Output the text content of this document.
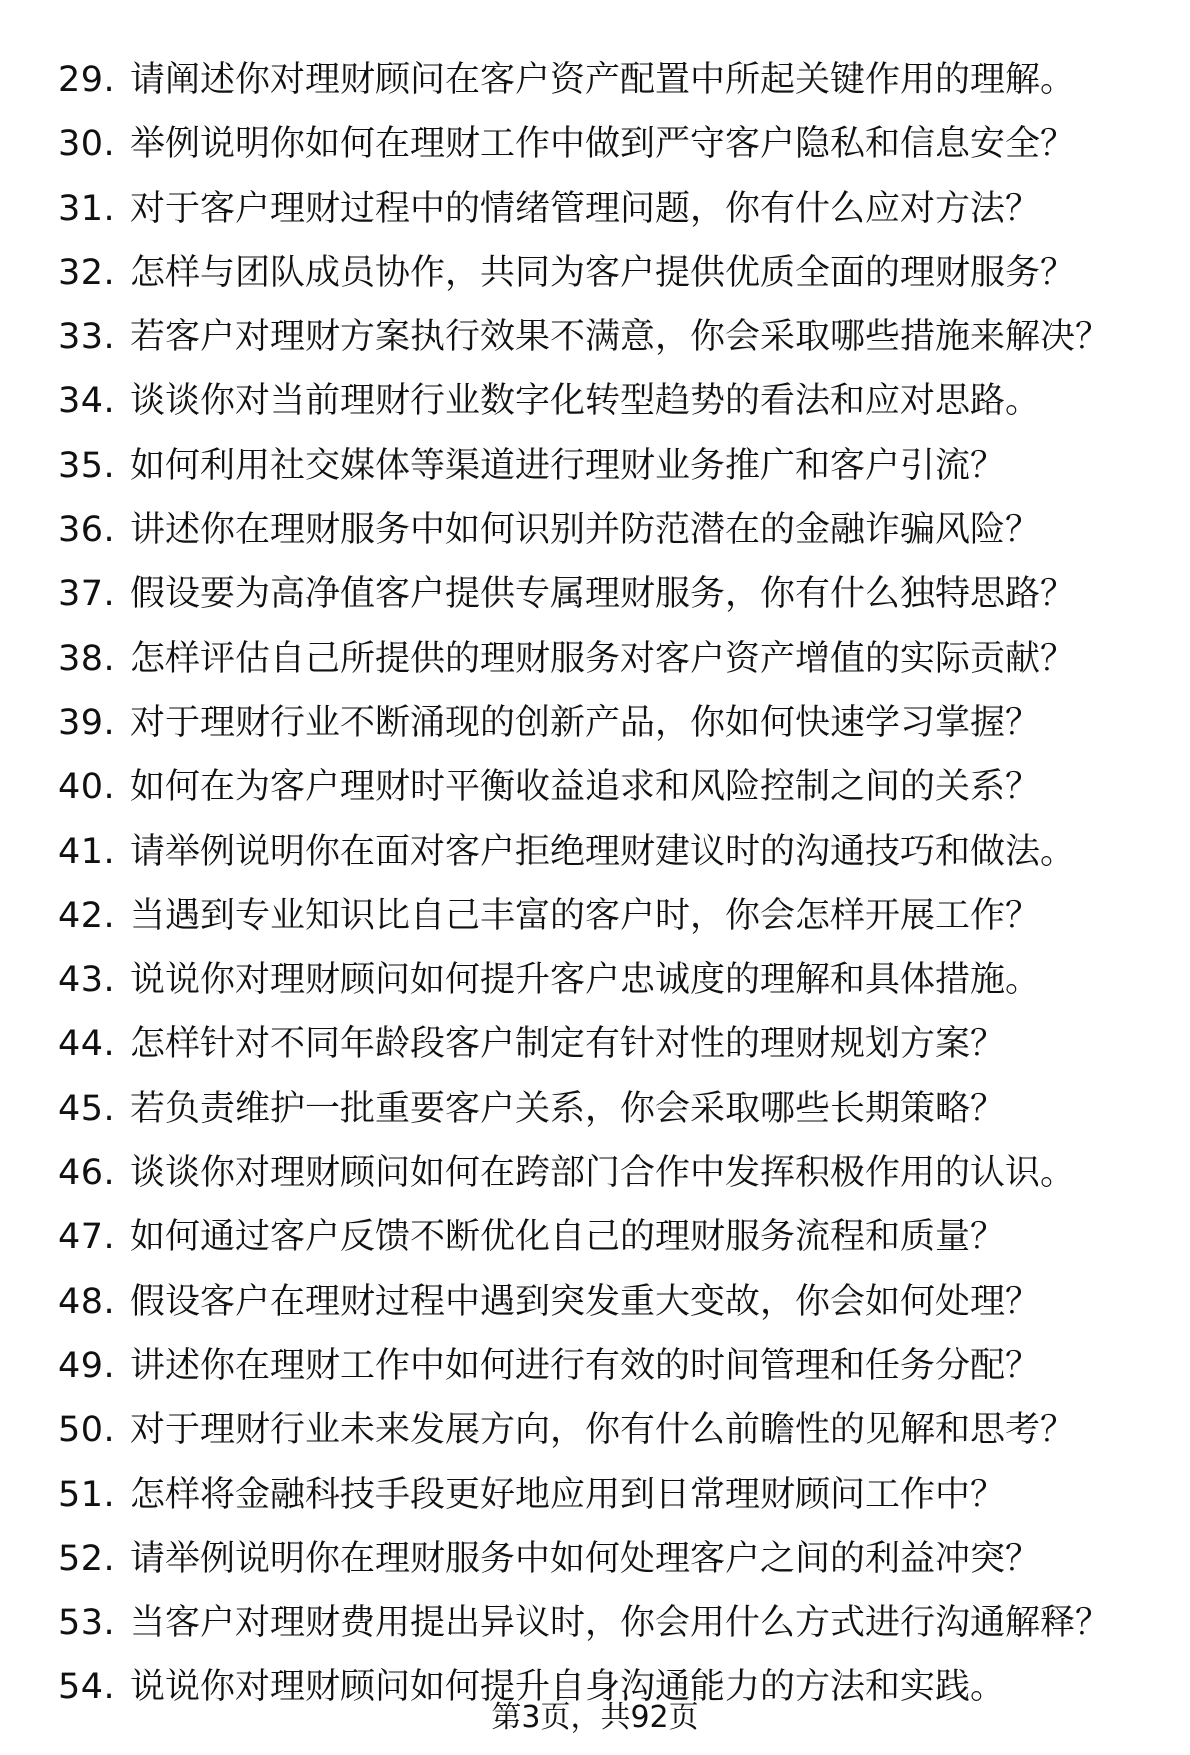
29. 请阐述你对理财顾问在客户资产配置中所起关键作用的理解。
30. 举例说明你如何在理财工作中做到严守客户隐私和信息安全？
31. 对于客户理财过程中的情绪管理问题，你有什么应对方法？
32. 怎样与团队成员协作，共同为客户提供优质全面的理财服务？
33. 若客户对理财方案执行效果不满意，你会采取哪些措施来解决？
34. 谈谈你对当前理财行业数字化转型趋势的看法和应对思路。
35. 如何利用社交媒体等渠道进行理财业务推广和客户引流？
36. 讲述你在理财服务中如何识别并防范潜在的金融诈骗风险？
37. 假设要为高净值客户提供专属理财服务，你有什么独特思路？
38. 怎样评估自己所提供的理财服务对客户资产增值的实际贡献？
39. 对于理财行业不断涌现的创新产品，你如何快速学习掌握？
40. 如何在为客户理财时平衡收益追求和风险控制之间的关系？
41. 请举例说明你在面对客户拒绝理财建议时的沟通技巧和做法。
42. 当遇到专业知识比自己丰富的客户时，你会怎样开展工作？
43. 说说你对理财顾问如何提升客户忠诚度的理解和具体措施。
44. 怎样针对不同年龄段客户制定有针对性的理财规划方案？
45. 若负责维护一批重要客户关系，你会采取哪些长期策略？
46. 谈谈你对理财顾问如何在跨部门合作中发挥积极作用的认识。
47. 如何通过客户反馈不断优化自己的理财服务流程和质量？
48. 假设客户在理财过程中遇到突发重大变故，你会如何处理？
49. 讲述你在理财工作中如何进行有效的时间管理和任务分配？
50. 对于理财行业未来发展方向，你有什么前瞻性的见解和思考？
51. 怎样将金融科技手段更好地应用到日常理财顾问工作中？
52. 请举例说明你在理财服务中如何处理客户之间的利益冲突？
53. 当客户对理财费用提出异议时，你会用什么方式进行沟通解释？
54. 说说你对理财顾问如何提升自身沟通能力的方法和实践。
第3页，共92页
